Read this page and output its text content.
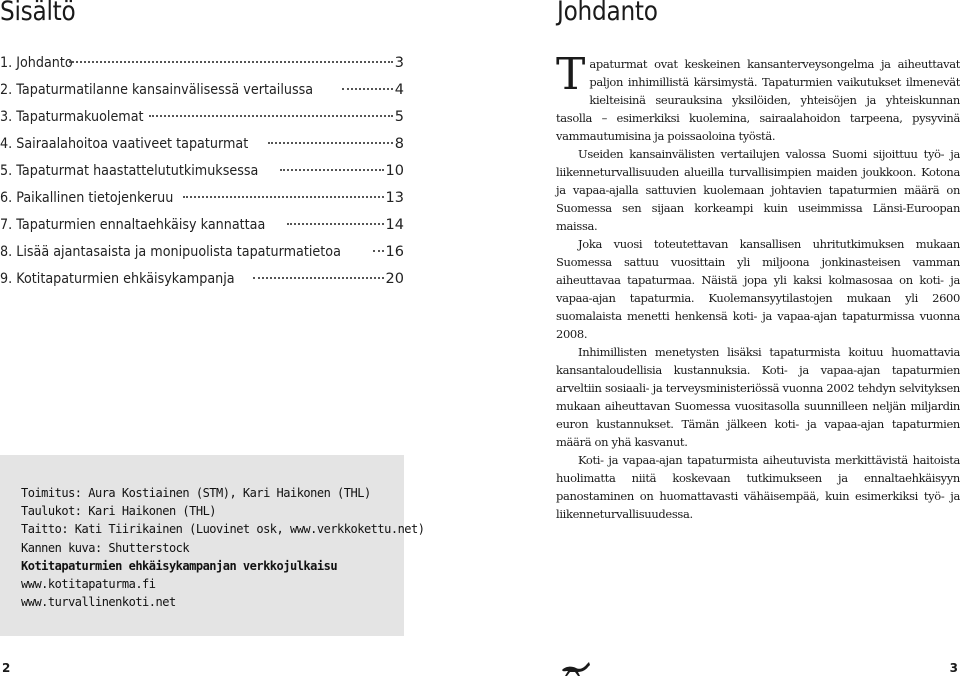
Sisältö	Johdanto
1. Johdanto	3
2. Tapaturmatilanne kansainvälisessä vertailussa	4
3. Tapaturmakuolemat	5
4. Sairaalahoitoa vaativeet tapaturmat	8
5. Tapaturmat haastattelututkimuksessa	10
6. Paikallinen tietojenkeruu	13
7. Tapaturmien ennaltaehkäisy kannattaa	14
8. Lisää ajantasaista ja monipuolista tapaturmatietoa	16
9. Kotitapaturmien ehkäisykampanja	20

Tapaturmat ovat keskeinen kansanterveysongelma ja aiheuttavat paljon inhimillistä kärsimystä. Tapaturmien vaikutukset ilmenevät kielteisinä seurauksina yksilöiden, yhteisöjen ja yhteiskunnan tasolla – esimerkiksi kuolemina, sairaalahoidon tarpeena, pysyvinä vammautumisina ja poissaoloina työstä.

Useiden kansainvälisten vertailujen valossa Suomi sijoittuu työ- ja liikenneturvallisuuden alueilla turvallisimpien maiden joukkoon. Kotona ja vapaa-ajalla sattuvien kuolemaan johtavien tapaturmien määrä on Suomessa sen sijaan korkeampi kuin useimmissa Länsi-Euroopan maissa.

Joka vuosi toteutettavan kansallisen uhritutkimuksen mukaan Suomessa sattuu vuosittain yli miljoona jonkinasteisen vamman aiheuttavaa tapaturmaa. Näistä jopa yli kaksi kolmasosaa on koti- ja vapaa-ajan tapaturmia. Kuolemansyytilastojen mukaan yli 2600 suomalaista menetti henkensä koti- ja vapaa-ajan tapaturmissa vuonna 2008.

Inhimillisten menetysten lisäksi tapaturmista koituu huomattavia kansantaloudellisia kustannuksia. Koti- ja vapaa-ajan tapaturmien arveltiin sosiaali- ja terveysministeriössä vuonna 2002 tehdyn selvityksen mukaan aiheuttavan Suomessa vuositasolla suunnilleen neljän miljardin euron kustannukset. Tämän jälkeen koti- ja vapaa-ajan tapaturmien määrä on yhä kasvanut.

Koti- ja vapaa-ajan tapaturmista aiheutuvista merkittävistä haitoista huolimatta niitä koskevaan tutkimukseen ja ennaltaehkäisyyn panostaminen on huomattavasti vähäisempää, kuin esimerkiksi työ- ja liikenneturvallisuudessa.

Toimitus: Aura Kostiainen (STM), Kari Haikonen (THL)
Taulukot: Kari Haikonen (THL)
Taitto: Kati Tiirikainen (Luovinet osk, www.verkkokettu.net)
Kannen kuva: Shutterstock
Kotitapaturmien ehkäisykampanjan verkkojulkaisu
www.kotitapaturma.fi
www.turvallinenkoti.net
2	3
